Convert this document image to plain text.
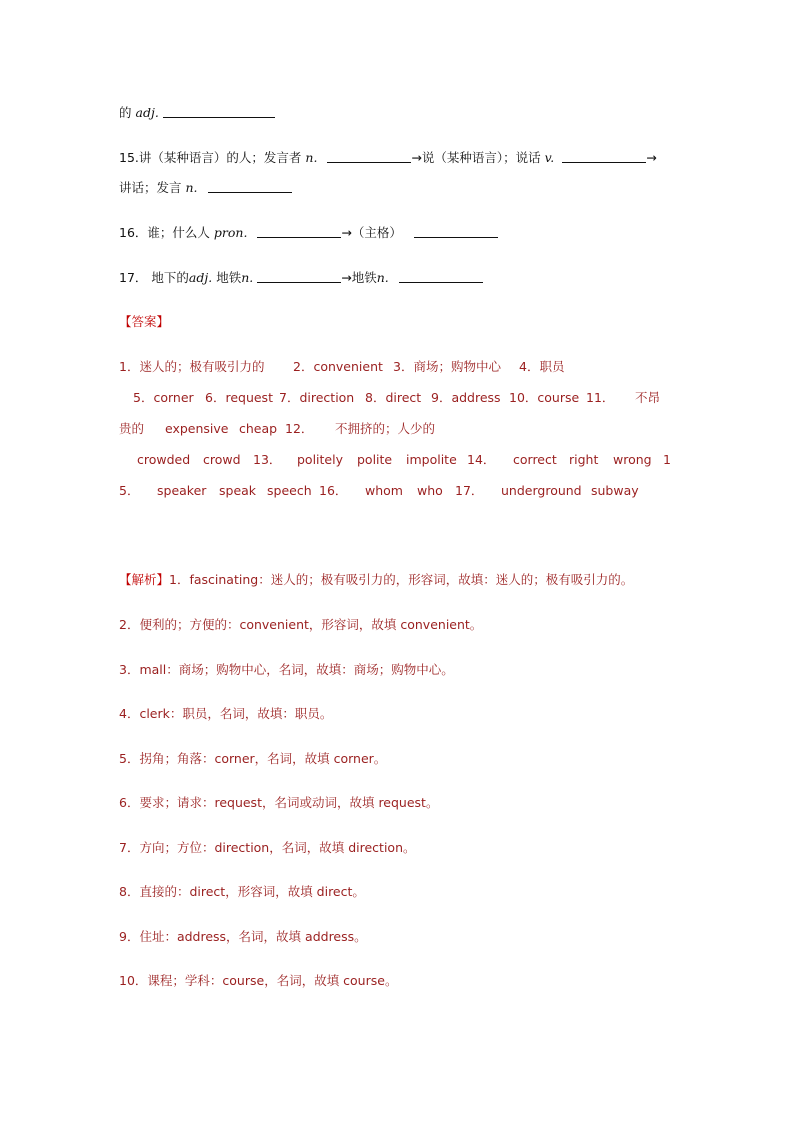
的 adj.
15.讲（某种语言）的人；发言者 n.	→说（某种语言）；说话 v.	→
讲话；发言 n.
16．谁；什么人 pron.	→（主格）
17． 地下的adj. 地铁n.	→地铁n.
【答案】
1．迷人的；极有吸引力的 2．convenient 3．商场；购物中心 4．职员
5．corner 6．request 7．direction 8．direct 9．address 10．course 11． 不昂
贵的 expensive cheap 12． 不拥挤的；人少的
crowded crowd 13． politely polite impolite 14． correct right wrong 1
5． speaker speak speech 16． whom who 17． underground subway
【解析】1．fascinating：迷人的；极有吸引力的，形容词，故填：迷人的；极有吸引力的。
2．便利的；方便的：convenient，形容词，故填 convenient。
3．mall：商场；购物中心，名词，故填：商场；购物中心。
4．clerk：职员，名词，故填：职员。
5．拐角；角落：corner，名词，故填 corner。
6．要求；请求：request，名词或动词，故填 request。
7．方向；方位：direction，名词，故填 direction。
8．直接的：direct，形容词，故填 direct。
9．住址：address，名词，故填 address。
10．课程；学科：course，名词，故填 course。
